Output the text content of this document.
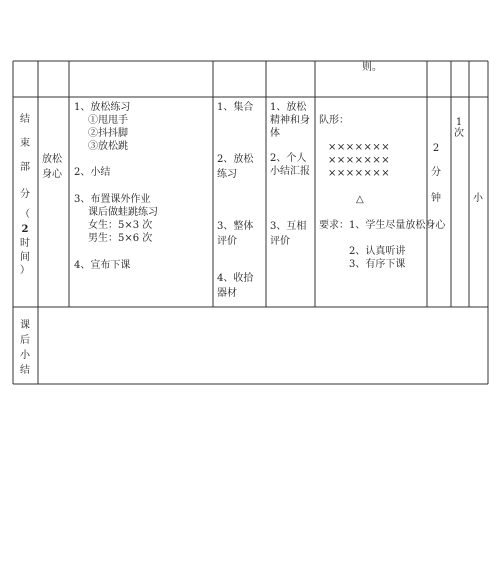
则。
结
束
部
分
（
2
时
间
）
放松身心
1、放松练习
①甩甩手
②抖抖脚
③放松跳
2、小结
3、布置课外作业
课后做蛙跳练习
女生：5×3 次
男生：5×6 次
4、宣布下课
1、集合
2、放松练习
3、整体评价
4、收拾器材
1、放松精神和身体
2、个人小结汇报
3、互相评价
队形：
×××××××
×××××××
×××××××
△
要求： 1、学生尽量放松身心
2、认真听讲
3、有序下课
2
分
钟
1
次
小
课
后
小
结
